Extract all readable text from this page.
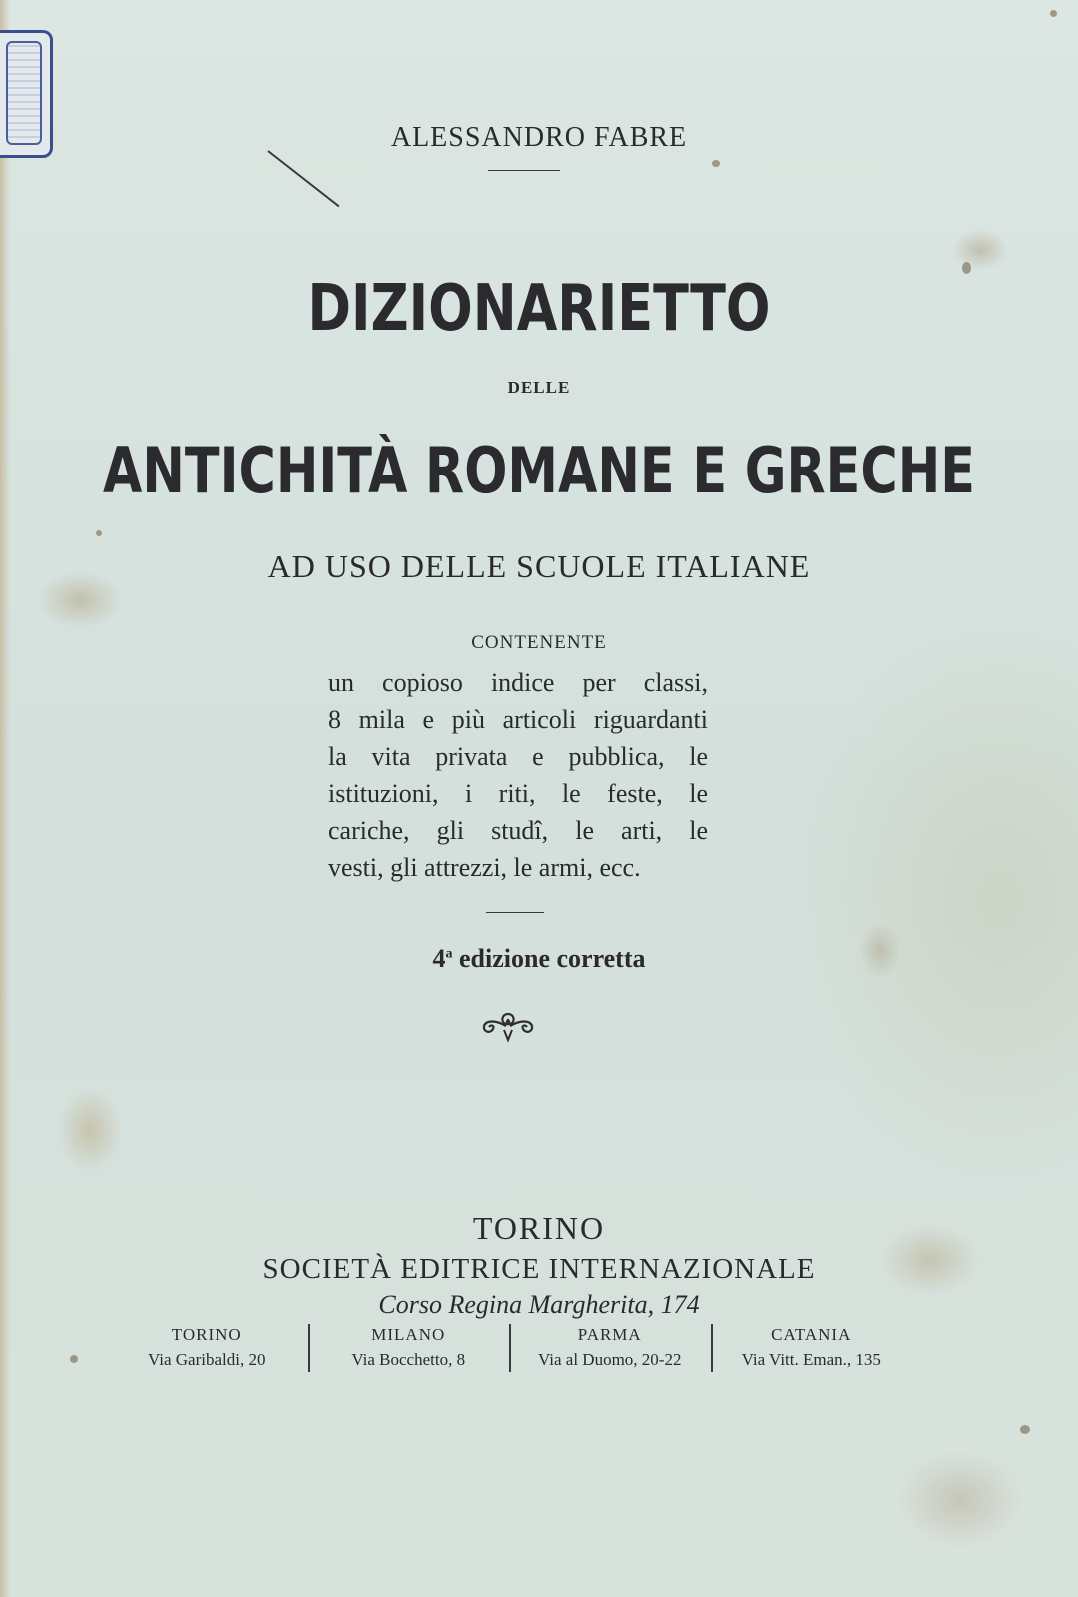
ALESSANDRO FABRE
DIZIONARIETTO
DELLE
ANTICHITÀ ROMANE E GRECHE
AD USO DELLE SCUOLE ITALIANE
CONTENENTE
un copioso indice per classi,
8 mila e più articoli riguardanti
la vita privata e pubblica, le
istituzioni, i riti, le feste, le
cariche, gli studî, le arti, le
vesti, gli attrezzi, le armi, ecc.
4$^a$ edizione corretta
TORINO
SOCIETÀ EDITRICE INTERNAZIONALE
Corso Regina Margherita, 174
TORINO
Via Garibaldi, 20
MILANO
Via Bocchetto, 8
PARMA
Via al Duomo, 20-22
CATANIA
Via Vitt. Eman., 135
